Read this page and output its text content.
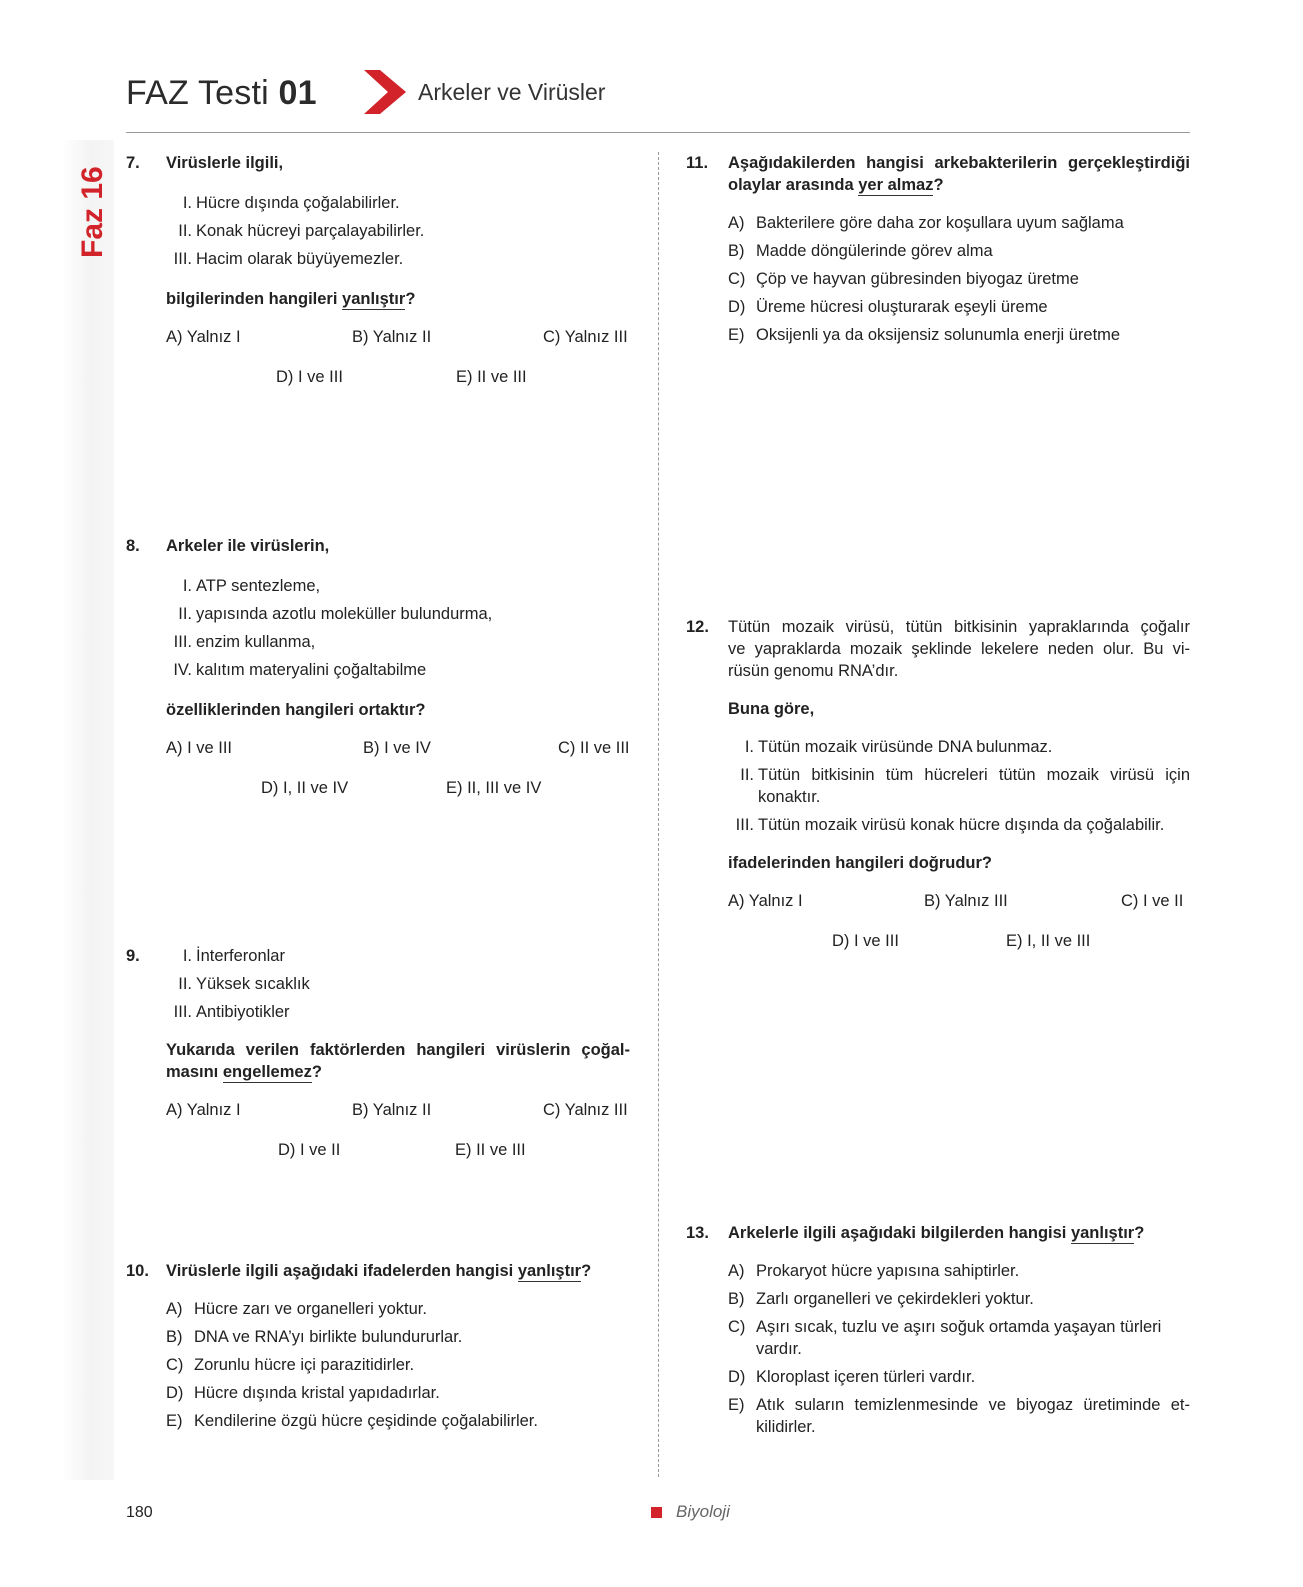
Faz 16
FAZ Testi 01	Arkeler ve Virüsler
7. Virüslerle ilgili,

I. Hücre dışında çoğalabilirler.
II. Konak hücreyi parçalayabilirler.
III. Hacim olarak büyüyemezler.
bilgilerinden hangileri yanlıştır?
A) Yalnız I	B) Yalnız II	C) Yalnız III
D) I ve III	E) II ve III
8. Arkeler ile virüslerin,

I. ATP sentezleme,
II. yapısında azotlu moleküller bulundurma,
III. enzim kullanma,
IV. kalıtım materyalini çoğaltabilme
özelliklerinden hangileri ortaktır?
A) I ve III	B) I ve IV	C) II ve III
D) I, II ve IV	E) II, III ve IV
9.	I. İnterferonlar
II. Yüksek sıcaklık
III. Antibiyotikler
Yukarıda verilen faktörlerden hangileri virüslerin çoğal-
masını engellemez?
A) Yalnız I	B) Yalnız II	C) Yalnız III
D) I ve II	E) II ve III
10. Virüslerle ilgili aşağıdaki ifadelerden hangisi yanlıştır?
A) Hücre zarı ve organelleri yoktur.
B) DNA ve RNA’yı birlikte bulundururlar.
C) Zorunlu hücre içi parazitidirler.
D) Hücre dışında kristal yapıdadırlar.
E) Kendilerine özgü hücre çeşidinde çoğalabilirler.
11. Aşağıdakilerden hangisi arkebakterilerin gerçekleştirdiği
olaylar arasında yer almaz?
A) Bakterilere göre daha zor koşullara uyum sağlama
B) Madde döngülerinde görev alma
C) Çöp ve hayvan gübresinden biyogaz üretme
D) Üreme hücresi oluşturarak eşeyli üreme
E) Oksijenli ya da oksijensiz solunumla enerji üretme
12. Tütün mozaik virüsü, tütün bitkisinin yapraklarında çoğalır
ve yapraklarda mozaik şeklinde lekelere neden olur. Bu vi-
rüsün genomu RNA’dır.
Buna göre,
I. Tütün mozaik virüsünde DNA bulunmaz.
II. Tütün bitkisinin tüm hücreleri tütün mozaik virüsü için
konaktır.
III. Tütün mozaik virüsü konak hücre dışında da çoğalabilir.
ifadelerinden hangileri doğrudur?
A) Yalnız I	B) Yalnız III	C) I ve II
D) I ve III	E) I, II ve III
13. Arkelerle ilgili aşağıdaki bilgilerden hangisi yanlıştır?
A) Prokaryot hücre yapısına sahiptirler.
B) Zarlı organelleri ve çekirdekleri yoktur.
C) Aşırı sıcak, tuzlu ve aşırı soğuk ortamda yaşayan türleri
vardır.
D) Kloroplast içeren türleri vardır.
E) Atık suların temizlenmesinde ve biyogaz üretiminde et-
kilidirler.
180	Biyoloji
